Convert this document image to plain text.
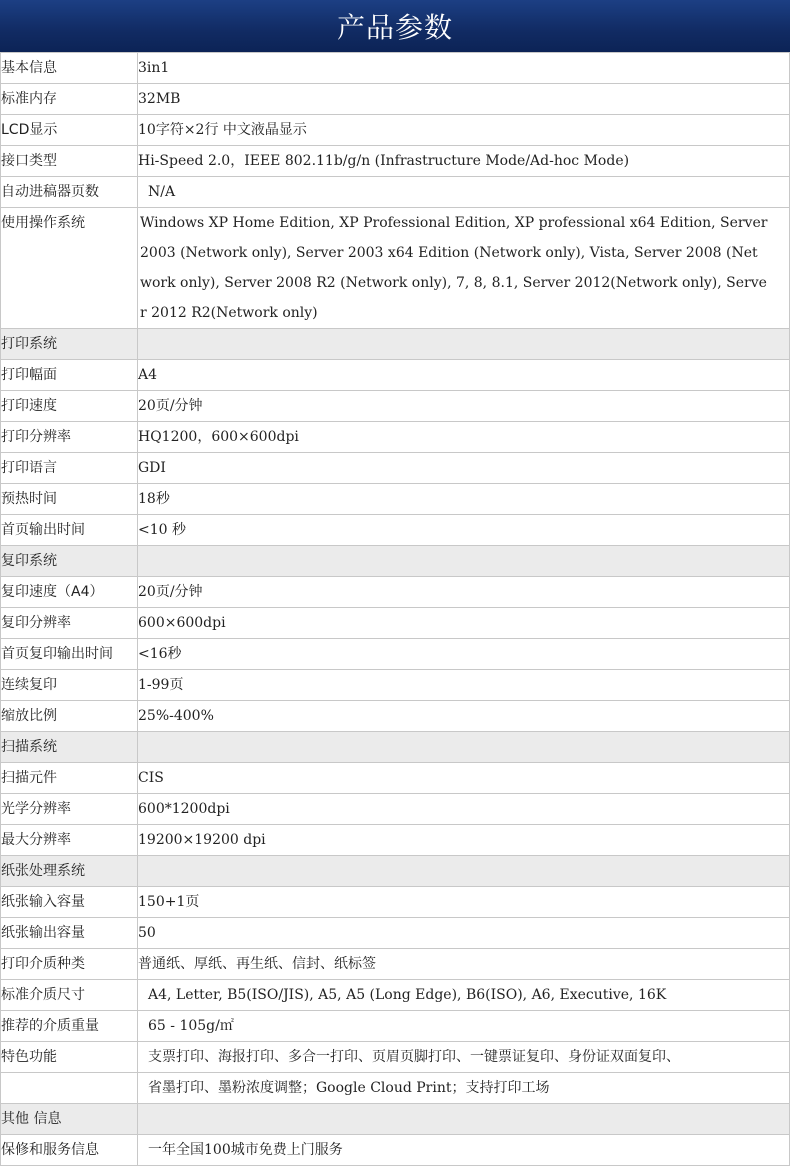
产品参数
基本信息	3in1
标准内存	32MB
LCD显示	10字符×2行 中文液晶显示
接口类型	Hi-Speed 2.0，IEEE 802.11b/g/n (Infrastructure Mode/Ad-hoc Mode)
自动进稿器页数	N/A
使用操作系统	Windows XP Home Edition, XP Professional Edition, XP professional x64 Edition, Server 2003 (Network only), Server 2003 x64 Edition (Network only), Vista, Server 2008 (Network only), Server 2008 R2 (Network only), 7, 8, 8.1, Server 2012(Network only), Server 2012 R2(Network only)
打印系统	
打印幅面	A4
打印速度	20页/分钟
打印分辨率	HQ1200，600×600dpi
打印语言	GDI
预热时间	18秒
首页输出时间	<10 秒
复印系统	
复印速度（A4）	20页/分钟
复印分辨率	600×600dpi
首页复印输出时间	<16秒
连续复印	1-99页
缩放比例	25%-400%
扫描系统	
扫描元件	CIS
光学分辨率	600*1200dpi
最大分辨率	19200×19200 dpi
纸张处理系统	
纸张输入容量	150+1页
纸张输出容量	50
打印介质种类	普通纸、厚纸、再生纸、信封、纸标签
标准介质尺寸	A4, Letter, B5(ISO/JIS), A5, A5 (Long Edge), B6(ISO), A6, Executive, 16K
推荐的介质重量	65 - 105g/㎡
特色功能	支票打印、海报打印、多合一打印、页眉页脚打印、一键票证复印、身份证双面复印、
	省墨打印、墨粉浓度调整；Google Cloud Print；支持打印工场
其他 信息	
保修和服务信息	一年全国100城市免费上门服务
